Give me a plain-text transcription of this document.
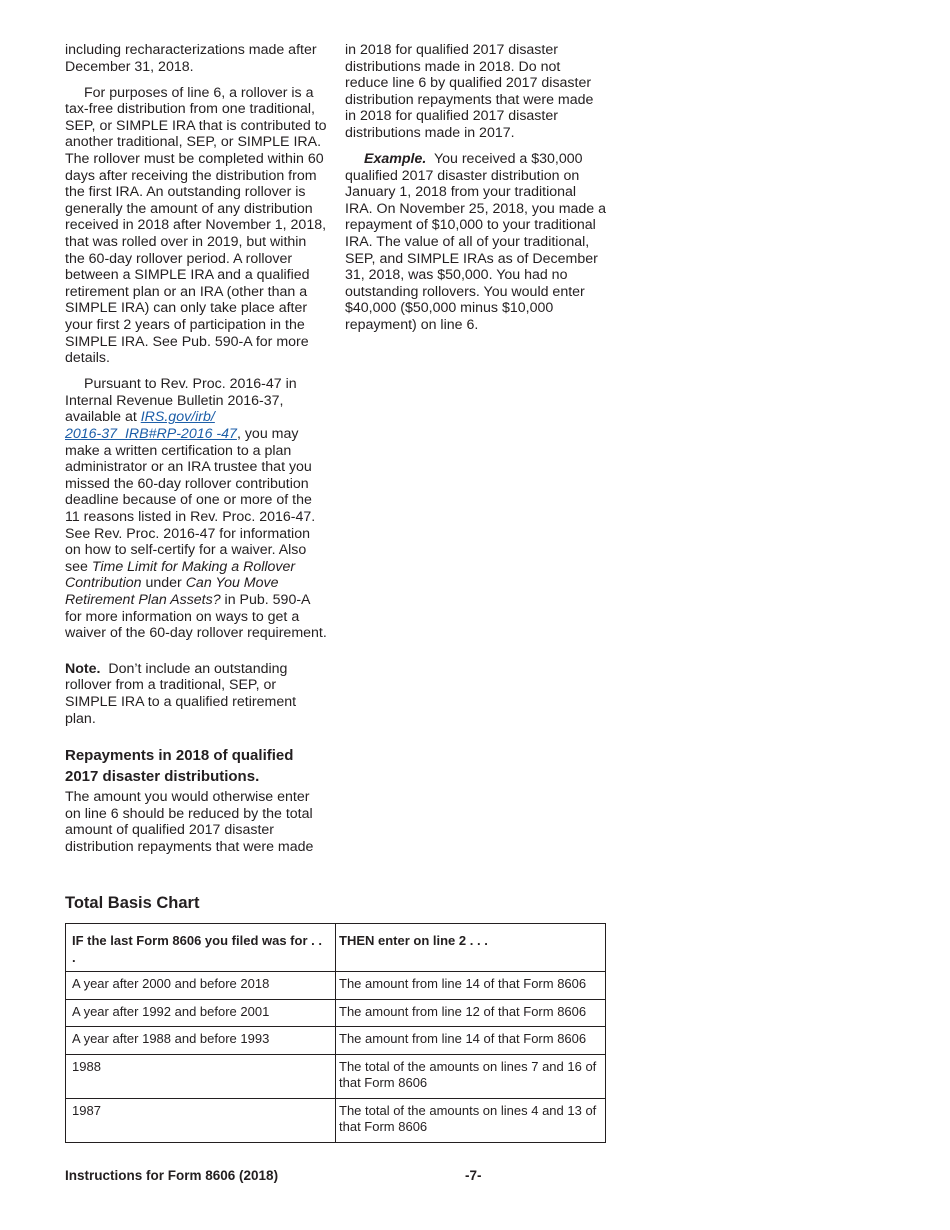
including recharacterizations made after December 31, 2018.

For purposes of line 6, a rollover is a tax-free distribution from one traditional, SEP, or SIMPLE IRA that is contributed to another traditional, SEP, or SIMPLE IRA. The rollover must be completed within 60 days after receiving the distribution from the first IRA. An outstanding rollover is generally the amount of any distribution received in 2018 after November 1, 2018, that was rolled over in 2019, but within the 60-day rollover period. A rollover between a SIMPLE IRA and a qualified retirement plan or an IRA (other than a SIMPLE IRA) can only take place after your first 2 years of participation in the SIMPLE IRA. See Pub. 590-A for more details.

Pursuant to Rev. Proc. 2016-47 in Internal Revenue Bulletin 2016-37, available at IRS.gov/irb/
2016-37_IRB#RP-2016 -47, you may make a written certification to a plan administrator or an IRA trustee that you missed the 60-day rollover contribution deadline because of one or more of the 11 reasons listed in Rev. Proc. 2016-47. See Rev. Proc. 2016-47 for information on how to self-certify for a waiver. Also see Time Limit for Making a Rollover Contribution under Can You Move Retirement Plan Assets? in Pub. 590-A for more information on ways to get a waiver of the 60-day rollover requirement.

Note. Don’t include an outstanding rollover from a traditional, SEP, or SIMPLE IRA to a qualified retirement plan.

Repayments in 2018 of qualified 2017 disaster distributions.

The amount you would otherwise enter on line 6 should be reduced by the total amount of qualified 2017 disaster distribution repayments that were made

in 2018 for qualified 2017 disaster distributions made in 2018. Do not reduce line 6 by qualified 2017 disaster distribution repayments that were made in 2018 for qualified 2017 disaster distributions made in 2017.

Example. You received a $30,000 qualified 2017 disaster distribution on January 1, 2018 from your traditional IRA. On November 25, 2018, you made a repayment of $10,000 to your traditional IRA. The value of all of your traditional, SEP, and SIMPLE IRAs as of December 31, 2018, was $50,000. You had no outstanding rollovers. You would enter $40,000 ($50,000 minus $10,000 repayment) on line 6.

Total Basis Chart
IF the last Form 8606 you filed was for . . .	THEN enter on line 2 . . .
A year after 2000 and before 2018	The amount from line 14 of that Form 8606
A year after 1992 and before 2001	The amount from line 12 of that Form 8606
A year after 1988 and before 1993	The amount from line 14 of that Form 8606
1988	The total of the amounts on lines 7 and 16 of that Form 8606
1987	The total of the amounts on lines 4 and 13 of that Form 8606
Instructions for Form 8606 (2018)	-7-
